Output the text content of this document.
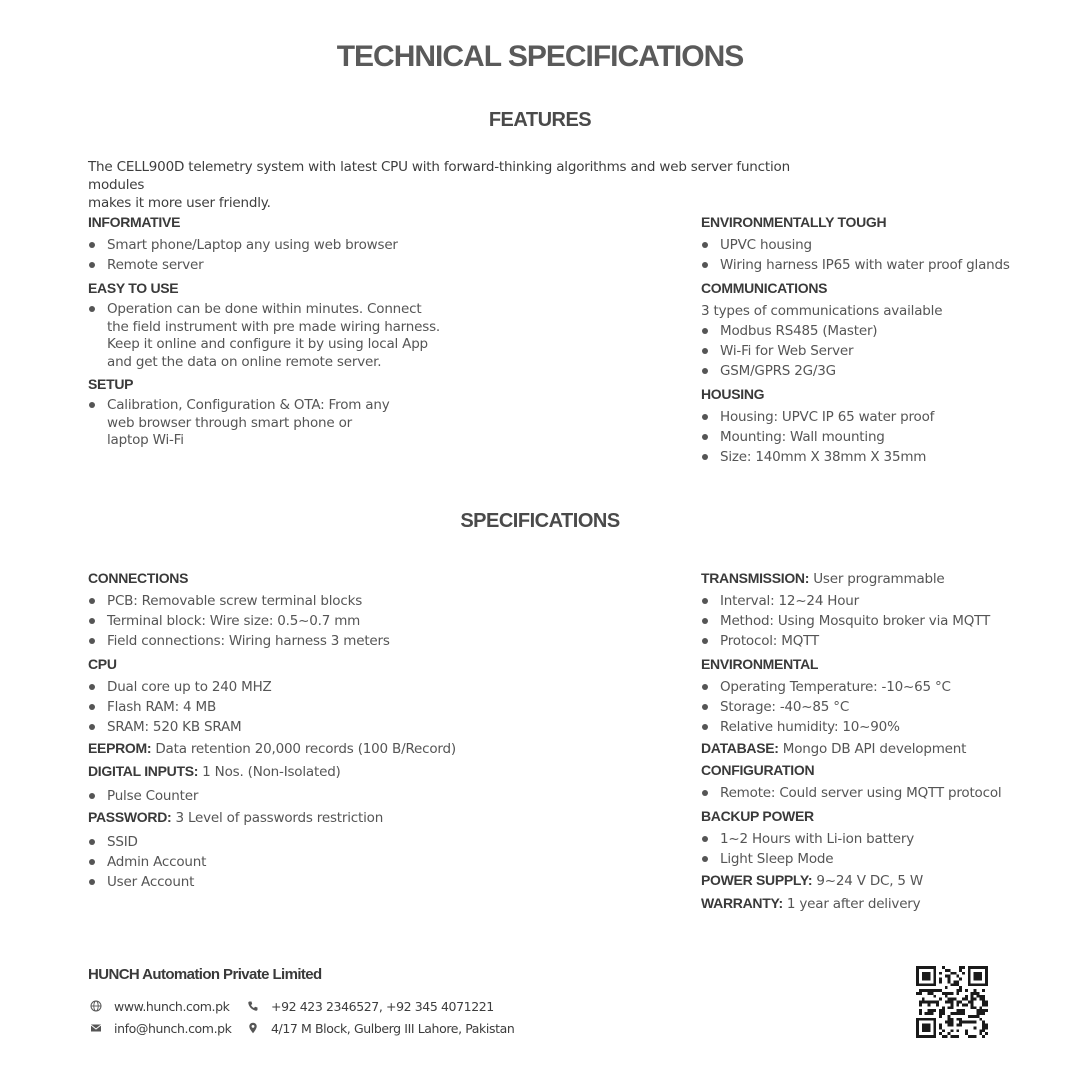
TECHNICAL SPECIFICATIONS
FEATURES
The CELL900D telemetry system with latest CPU with forward-thinking algorithms and web server function modules
makes it more user friendly.
INFORMATIVE
Smart phone/Laptop any using web browser
Remote server
EASY TO USE
Operation can be done within minutes. Connect
the field instrument with pre made wiring harness.
Keep it online and configure it by using local App
and get the data on online remote server.
SETUP
Calibration, Configuration & OTA: From any
web browser through smart phone or
laptop Wi-Fi
ENVIRONMENTALLY TOUGH
UPVC housing
Wiring harness IP65 with water proof glands
COMMUNICATIONS
3 types of communications available
Modbus RS485 (Master)
Wi-Fi for Web Server
GSM/GPRS 2G/3G
HOUSING
Housing: UPVC IP 65 water proof
Mounting: Wall mounting
Size: 140mm X 38mm X 35mm
SPECIFICATIONS
CONNECTIONS
PCB: Removable screw terminal blocks
Terminal block: Wire size: 0.5~0.7 mm
Field connections: Wiring harness 3 meters
CPU
Dual core up to 240 MHZ
Flash RAM: 4 MB
SRAM: 520 KB SRAM
EEPROM: Data retention 20,000 records (100 B/Record)
DIGITAL INPUTS: 1 Nos. (Non-Isolated)
Pulse Counter
PASSWORD: 3 Level of passwords restriction
SSID
Admin Account
User Account
TRANSMISSION: User programmable
Interval: 12~24 Hour
Method: Using Mosquito broker via MQTT
Protocol: MQTT
ENVIRONMENTAL
Operating Temperature: -10~65 °C
Storage: -40~85 °C
Relative humidity: 10~90%
DATABASE: Mongo DB API development
CONFIGURATION
Remote: Could server using MQTT protocol
BACKUP POWER
1~2 Hours with Li-ion battery
Light Sleep Mode
POWER SUPPLY: 9~24 V DC, 5 W
WARRANTY: 1 year after delivery
HUNCH Automation Private Limited
www.hunch.com.pk
info@hunch.com.pk
+92 423 2346527, +92 345 4071221
4/17 M Block, Gulberg III Lahore, Pakistan
